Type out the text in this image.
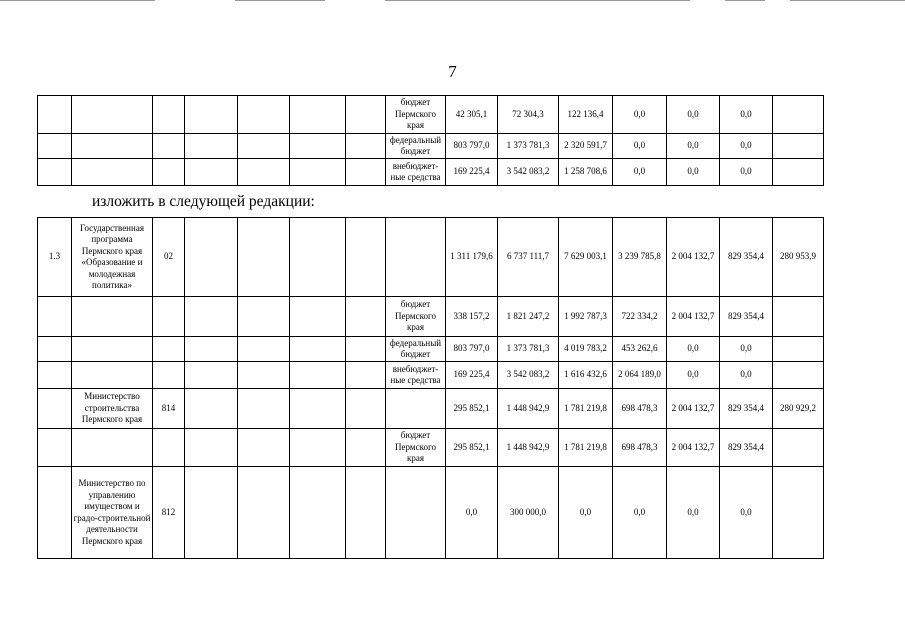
7
							бюджет Пермского края	42 305,1	72 304,3	122 136,4	0,0	0,0	0,0	
							федеральный бюджет	803 797,0	1 373 781,3	2 320 591,7	0,0	0,0	0,0	
							внебюджет-ные средства	169 225,4	3 542 083,2	1 258 708,6	0,0	0,0	0,0	
изложить в следующей редакции:
1.3	Государственная программа Пермского края «Образование и молодежная политика»	02						1 311 179,6	6 737 111,7	7 629 003,1	3 239 785,8	2 004 132,7	829 354,4	280 953,9
							бюджет Пермского края	338 157,2	1 821 247,2	1 992 787,3	722 334,2	2 004 132,7	829 354,4	
							федеральный бюджет	803 797,0	1 373 781,3	4 019 783,2	453 262,6	0,0	0,0	
							внебюджет-ные средства	169 225,4	3 542 083,2	1 616 432,6	2 064 189,0	0,0	0,0	
	Министерство строительства Пермского края	814						295 852,1	1 448 942,9	1 781 219,8	698 478,3	2 004 132,7	829 354,4	280 929,2
							бюджет Пермского края	295 852,1	1 448 942,9	1 781 219,8	698 478,3	2 004 132,7	829 354,4	
	Министерство по управлению имуществом и градо-строительной деятельности Пермского края	812						0,0	300 000,0	0,0	0,0	0,0	0,0	
